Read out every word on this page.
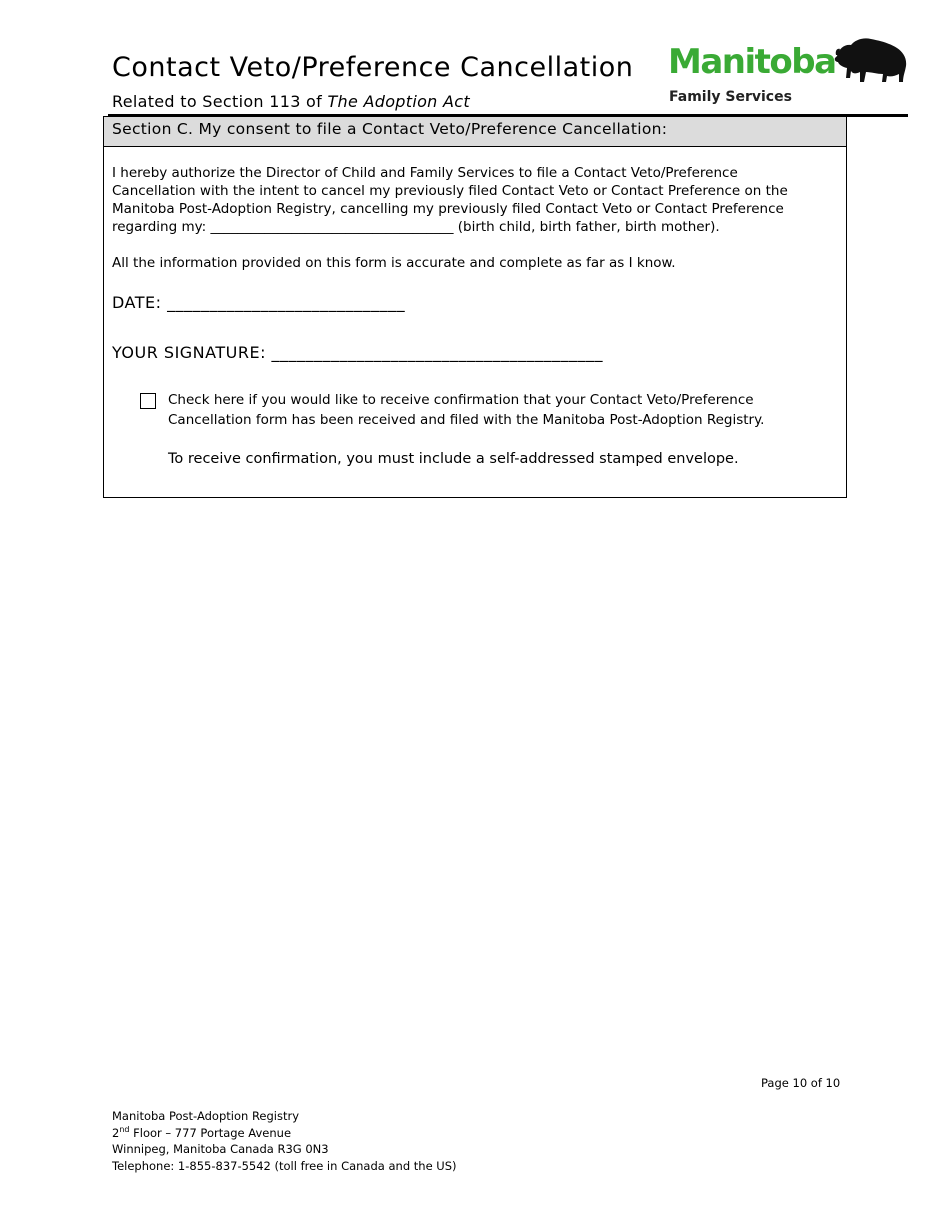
Contact Veto/Preference Cancellation
Related to Section 113 of The Adoption Act
Manitoba
Family Services
Section C. My consent to file a Contact Veto/Preference Cancellation:
I hereby authorize the Director of Child and Family Services to file a Contact Veto/Preference Cancellation with the intent to cancel my previously filed Contact Veto or Contact Preference on the Manitoba Post-Adoption Registry, cancelling my previously filed Contact Veto or Contact Preference regarding my: ____________________________________ (birth child, birth father, birth mother).
All the information provided on this form is accurate and complete as far as I know.
DATE: ____________________________
YOUR SIGNATURE: _______________________________________
Check here if you would like to receive confirmation that your Contact Veto/Preference Cancellation form has been received and filed with the Manitoba Post-Adoption Registry.
To receive confirmation, you must include a self-addressed stamped envelope.
Page 10 of 10
Manitoba Post-Adoption Registry
2nd Floor – 777 Portage Avenue
Winnipeg, Manitoba Canada R3G 0N3
Telephone: 1-855-837-5542 (toll free in Canada and the US)
